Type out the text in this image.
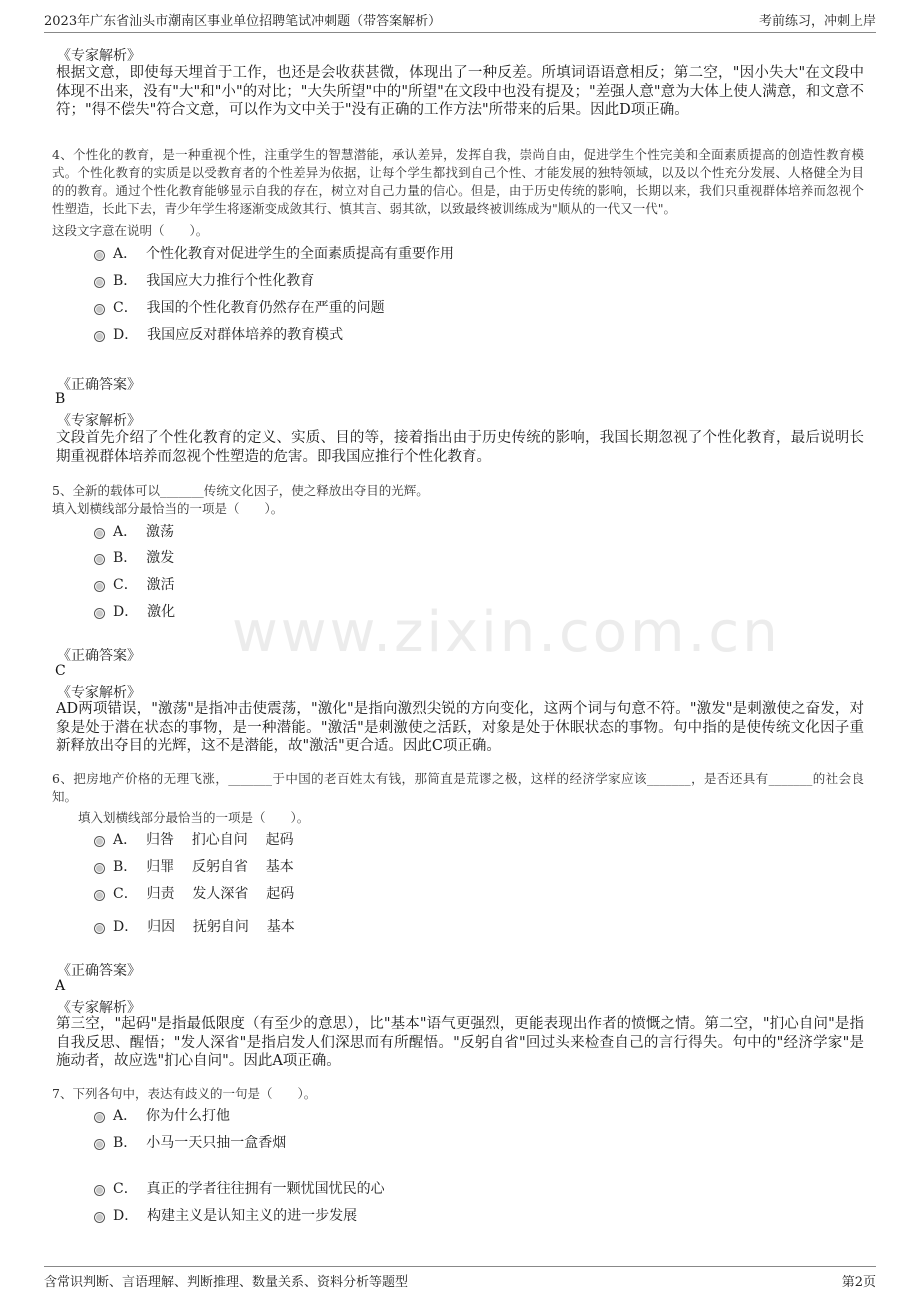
2023年广东省汕头市潮南区事业单位招聘笔试冲刺题（带答案解析）	考前练习，冲刺上岸
www.zixin.com.cn
《专家解析》
根据文意，即使每天埋首于工作，也还是会收获甚微，体现出了一种反差。所填词语语意相反；第二空，"因小失大"在文段中体现不出来，没有"大"和"小"的对比；"大失所望"中的"所望"在文段中也没有提及；"差强人意"意为大体上使人满意，和文意不符；"得不偿失"符合文意，可以作为文中关于"没有正确的工作方法"所带来的后果。因此D项正确。
4、个性化的教育，是一种重视个性，注重学生的智慧潜能，承认差异，发挥自我，崇尚自由，促进学生个性完美和全面素质提高的创造性教育模式。个性化教育的实质是以受教育者的个性差异为依据，让每个学生都找到自己个性、才能发展的独特领域，以及以个性充分发展、人格健全为目的的教育。通过个性化教育能够显示自我的存在，树立对自己力量的信心。但是，由于历史传统的影响，长期以来，我们只重视群体培养而忽视个性塑造，长此下去，青少年学生将逐渐变成敛其行、慎其言、弱其欲，以致最终被训练成为"顺从的一代又一代"。
这段文字意在说明（　　）。
A．  个性化教育对促进学生的全面素质提高有重要作用
B．  我国应大力推行个性化教育
C．  我国的个性化教育仍然存在严重的问题
D．  我国应反对群体培养的教育模式
《正确答案》
B
《专家解析》
文段首先介绍了个性化教育的定义、实质、目的等，接着指出由于历史传统的影响，我国长期忽视了个性化教育，最后说明长期重视群体培养而忽视个性塑造的危害。即我国应推行个性化教育。
5、全新的载体可以_______传统文化因子，使之释放出夺目的光辉。
填入划横线部分最恰当的一项是（　　）。
A．  激荡
B．  激发
C．  激活
D．  激化
《正确答案》
C
《专家解析》
AD两项错误，"激荡"是指冲击使震荡，"激化"是指向激烈尖锐的方向变化，这两个词与句意不符。"激发"是刺激使之奋发，对象是处于潜在状态的事物，是一种潜能。"激活"是刺激使之活跃，对象是处于休眠状态的事物。句中指的是使传统文化因子重新释放出夺目的光辉，这不是潜能，故"激活"更合适。因此C项正确。
6、把房地产价格的无理飞涨，_______于中国的老百姓太有钱，那简直是荒谬之极，这样的经济学家应该_______，是否还具有_______的社会良知。
填入划横线部分最恰当的一项是（　　）。
A．  归咎    扪心自问    起码
B．  归罪    反躬自省    基本
C．  归责    发人深省    起码
D．  归因    抚躬自问    基本
《正确答案》
A
《专家解析》
第三空，"起码"是指最低限度（有至少的意思），比"基本"语气更强烈，更能表现出作者的愤慨之情。第二空，"扪心自问"是指自我反思、醒悟；"发人深省"是指启发人们深思而有所醒悟。"反躬自省"回过头来检查自己的言行得失。句中的"经济学家"是施动者，故应选"扪心自问"。因此A项正确。
7、下列各句中，表达有歧义的一句是（　　）。
A．  你为什么打他
B．  小马一天只抽一盒香烟
C．  真正的学者往往拥有一颗忧国忧民的心
D．  构建主义是认知主义的进一步发展
含常识判断、言语理解、判断推理、数量关系、资料分析等题型	第2页
